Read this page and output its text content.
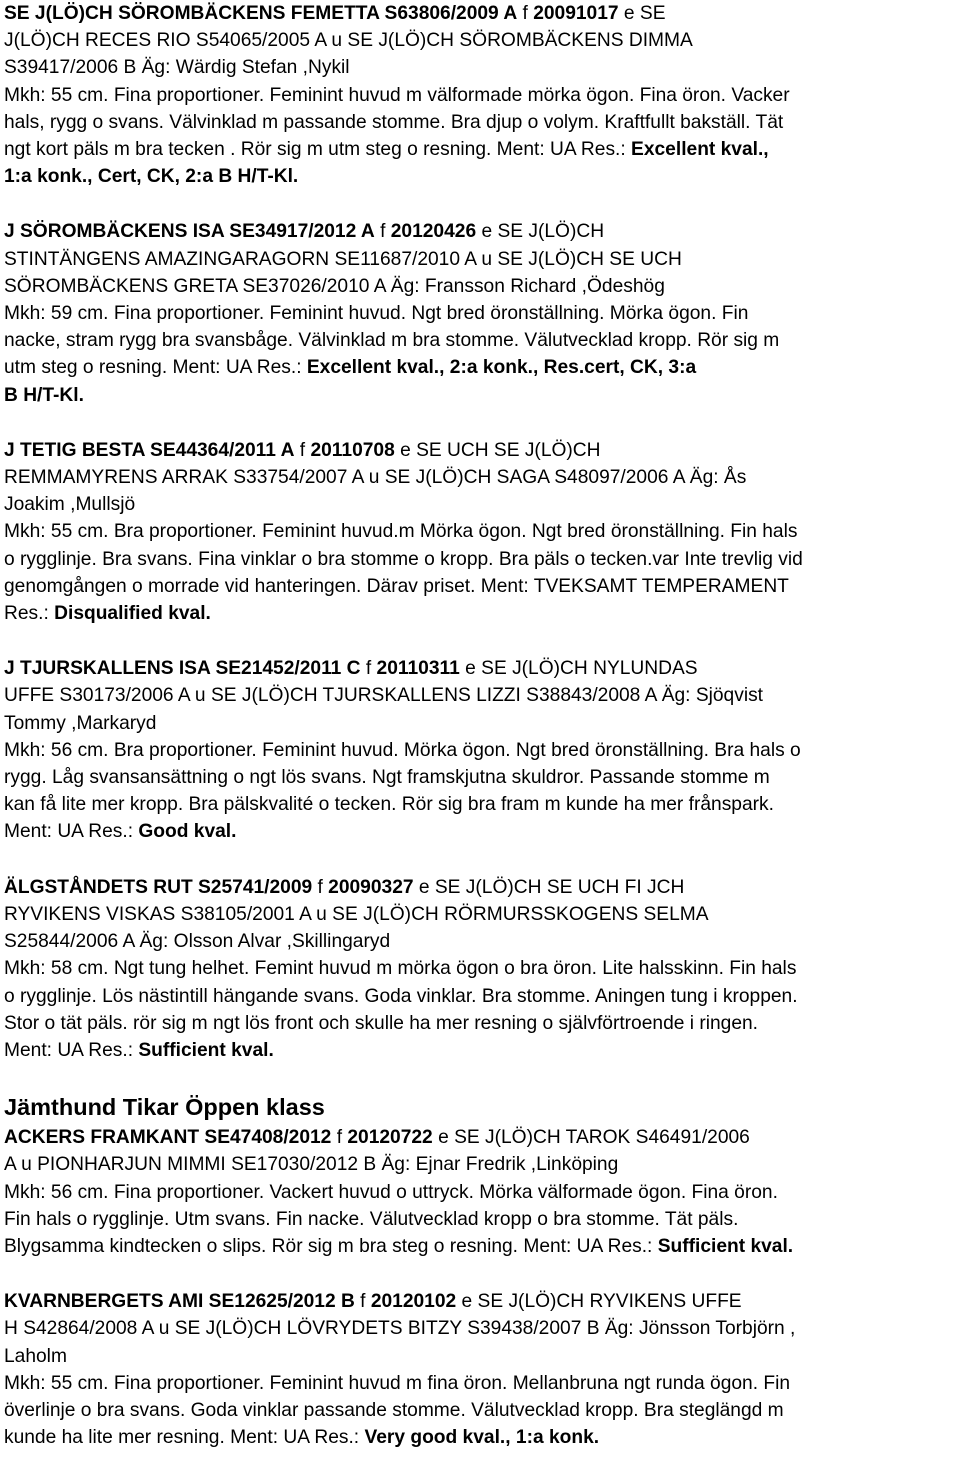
SE J(LÖ)CH SÖROMBÄCKENS FEMETTA S63806/2009 A f 20091017 e SE
J(LÖ)CH RECES RIO S54065/2005 A u SE J(LÖ)CH SÖROMBÄCKENS DIMMA
S39417/2006 B Äg: Wärdig Stefan ,Nykil
Mkh: 55 cm. Fina proportioner. Feminint huvud m välformade mörka ögon. Fina öron. Vacker
hals, rygg o svans. Välvinklad m passande stomme. Bra djup o volym. Kraftfullt bakställ. Tät
ngt kort päls m bra tecken . Rör sig m utm steg o resning. Ment: UA Res.: Excellent kval.,
1:a konk., Cert, CK, 2:a B H/T-Kl.
J SÖROMBÄCKENS ISA SE34917/2012 A f 20120426 e SE J(LÖ)CH
STINTÄNGENS AMAZINGARAGORN SE11687/2010 A u SE J(LÖ)CH SE UCH
SÖROMBÄCKENS GRETA SE37026/2010 A Äg: Fransson Richard ,Ödeshög
Mkh: 59 cm. Fina proportioner. Feminint huvud. Ngt bred öronställning. Mörka ögon. Fin
nacke, stram rygg bra svansbåge. Välvinklad m bra stomme. Välutvecklad kropp. Rör sig m
utm steg o resning. Ment: UA Res.: Excellent kval., 2:a konk., Res.cert, CK, 3:a
B H/T-Kl.
J TETIG BESTA SE44364/2011 A f 20110708 e SE UCH SE J(LÖ)CH
REMMAMYRENS ARRAK S33754/2007 A u SE J(LÖ)CH SAGA S48097/2006 A Äg: Ås
Joakim ,Mullsjö
Mkh: 55 cm. Bra proportioner. Feminint huvud.m Mörka ögon. Ngt bred öronställning. Fin hals
o rygglinje. Bra svans. Fina vinklar o bra stomme o kropp. Bra päls o tecken.var Inte trevlig vid
genomgången o morrade vid hanteringen. Därav priset. Ment: TVEKSAMT TEMPERAMENT
Res.: Disqualified kval.
J TJURSKALLENS ISA SE21452/2011 C f 20110311 e SE J(LÖ)CH NYLUNDAS
UFFE S30173/2006 A u SE J(LÖ)CH TJURSKALLENS LIZZI S38843/2008 A Äg: Sjöqvist
Tommy ,Markaryd
Mkh: 56 cm. Bra proportioner. Feminint huvud. Mörka ögon. Ngt bred öronställning. Bra hals o
rygg. Låg svansansättning o ngt lös svans. Ngt framskjutna skuldror. Passande stomme m
kan få lite mer kropp. Bra pälskvalité o tecken. Rör sig bra fram m kunde ha mer frånspark.
Ment: UA Res.: Good kval.
ÄLGSTÅNDETS RUT S25741/2009 f 20090327 e SE J(LÖ)CH SE UCH FI JCH
RYVIKENS VISKAS S38105/2001 A u SE J(LÖ)CH RÖRMURSSKOGENS SELMA
S25844/2006 A Äg: Olsson Alvar ,Skillingaryd
Mkh: 58 cm. Ngt tung helhet. Femint huvud m mörka ögon o bra öron. Lite halsskinn. Fin hals
o rygglinje. Lös nästintill hängande svans. Goda vinklar. Bra stomme. Aningen tung i kroppen.
Stor o tät päls. rör sig m ngt lös front och skulle ha mer resning o självförtroende i ringen.
Ment: UA Res.: Sufficient kval.
Jämthund Tikar Öppen klass
ACKERS FRAMKANT SE47408/2012 f 20120722 e SE J(LÖ)CH TAROK S46491/2006
A u PIONHARJUN MIMMI SE17030/2012 B Äg: Ejnar Fredrik ,Linköping
Mkh: 56 cm. Fina proportioner. Vackert huvud o uttryck. Mörka välformade ögon. Fina öron.
Fin hals o rygglinje. Utm svans. Fin nacke. Välutvecklad kropp o bra stomme. Tät päls.
Blygsamma kindtecken o slips. Rör sig m bra steg o resning. Ment: UA Res.: Sufficient kval.
KVARNBERGETS AMI SE12625/2012 B f 20120102 e SE J(LÖ)CH RYVIKENS UFFE
H S42864/2008 A u SE J(LÖ)CH LÖVRYDETS BITZY S39438/2007 B Äg: Jönsson Torbjörn ,
Laholm
Mkh: 55 cm. Fina proportioner. Feminint huvud m fina öron. Mellanbruna ngt runda ögon. Fin
överlinje o bra svans. Goda vinklar passande stomme. Välutvecklad kropp. Bra steglängd m
kunde ha lite mer resning. Ment: UA Res.: Very good kval., 1:a konk.
